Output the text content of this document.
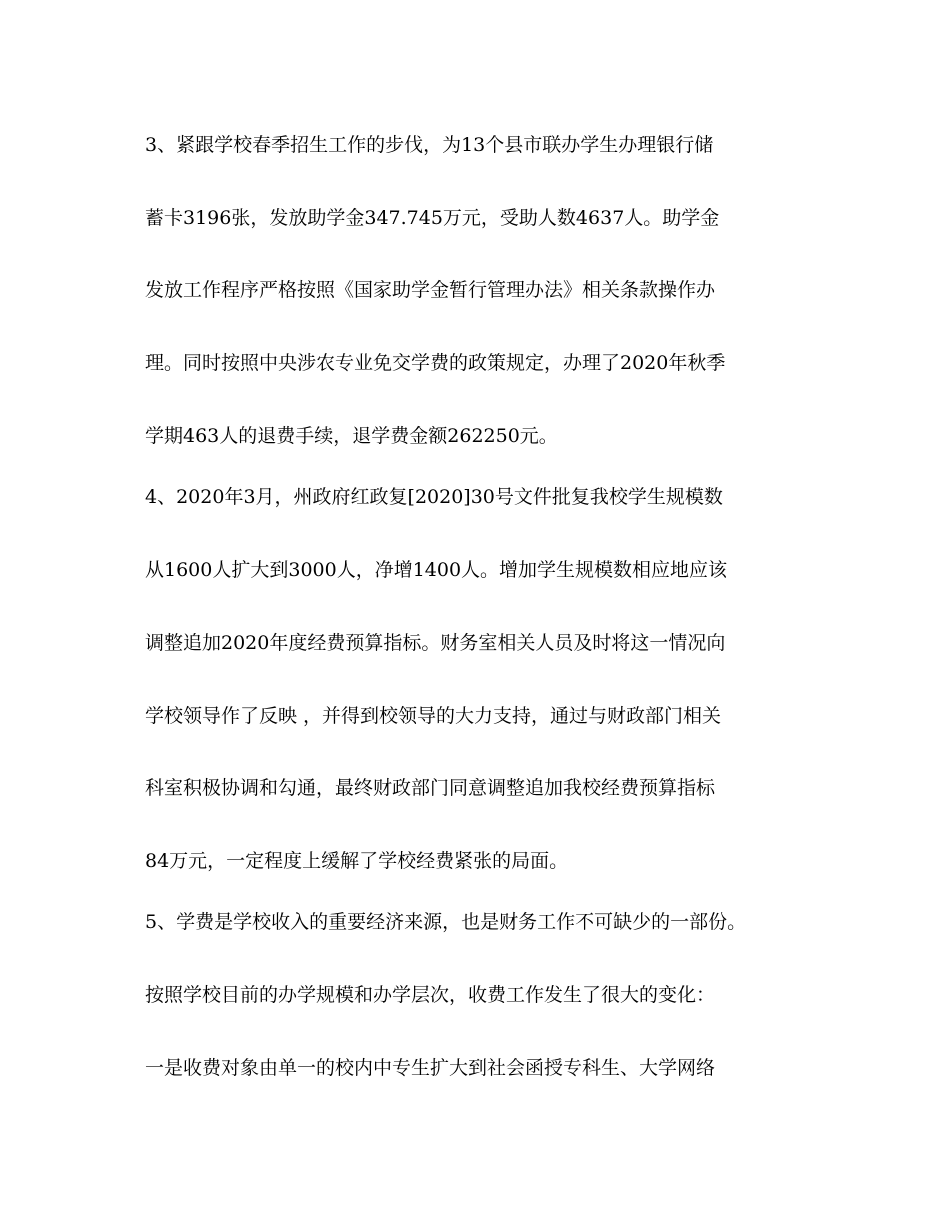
3、紧跟学校春季招生工作的步伐，为13个县市联办学生办理银行储
蓄卡3196张，发放助学金347.745万元，受助人数4637人。助学金
发放工作程序严格按照《国家助学金暂行管理办法》相关条款操作办
理。同时按照中央涉农专业免交学费的政策规定，办理了2020年秋季
学期463人的退费手续，退学费金额262250元。
4、2020年3月，州政府红政复[2020]30号文件批复我校学生规模数
从1600人扩大到3000人，净增1400人。增加学生规模数相应地应该
调整追加2020年度经费预算指标。财务室相关人员及时将这一情况向
学校领导作了反映 ，并得到校领导的大力支持，通过与财政部门相关
科室积极协调和勾通，最终财政部门同意调整追加我校经费预算指标
84万元，一定程度上缓解了学校经费紧张的局面。
5、学费是学校收入的重要经济来源，也是财务工作不可缺少的一部份。
按照学校目前的办学规模和办学层次，收费工作发生了很大的变化：
一是收费对象由单一的校内中专生扩大到社会函授专科生、大学网络
